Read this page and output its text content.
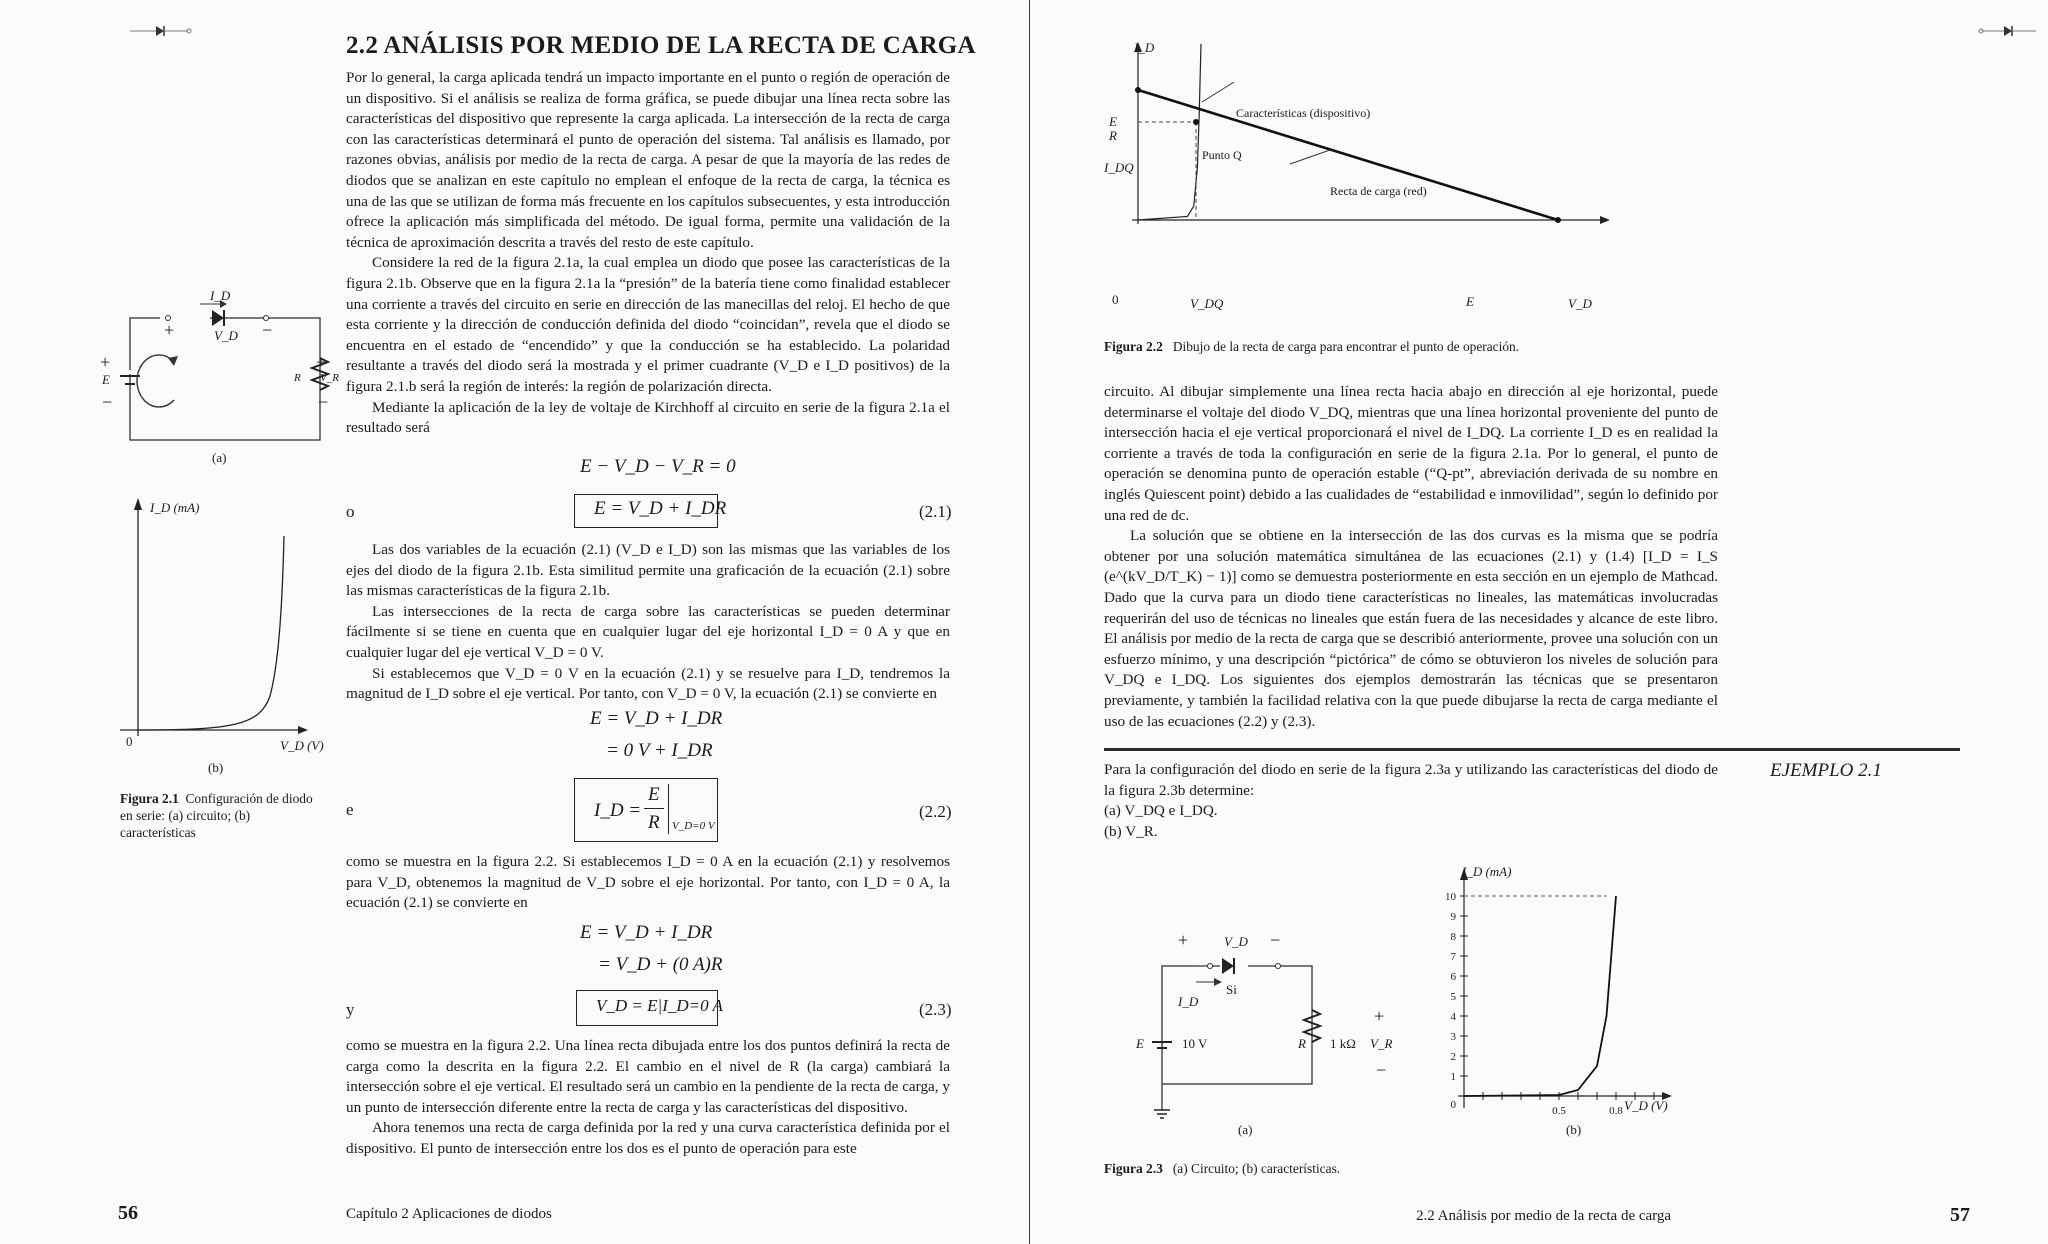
2.2 ANÁLISIS POR MEDIO DE LA RECTA DE CARGA

Por lo general, la carga aplicada tendrá un impacto importante en el punto o región de operación de un dispositivo. Si el análisis se realiza de forma gráfica, se puede dibujar una línea recta sobre las características del dispositivo que represente la carga aplicada. La intersección de la recta de carga con las características determinará el punto de operación del sistema. Tal análisis es llamado, por razones obvias, análisis por medio de la recta de carga. A pesar de que la mayoría de las redes de diodos que se analizan en este capítulo no emplean el enfoque de la recta de carga, la técnica es una de las que se utilizan de forma más frecuente en los capítulos subsecuentes, y esta introducción ofrece la aplicación más simplificada del método. De igual forma, permite una validación de la técnica de aproximación descrita a través del resto de este capítulo.

Considere la red de la figura 2.1a, la cual emplea un diodo que posee las características de la figura 2.1b. Observe que en la figura 2.1a la “presión” de la batería tiene como finalidad establecer una corriente a través del circuito en serie en dirección de las manecillas del reloj. El hecho de que esta corriente y la dirección de conducción definida del diodo “coincidan”, revela que el diodo se encuentra en el estado de “encendido” y que la conducción se ha establecido. La polaridad resultante a través del diodo será la mostrada y el primer cuadrante (V_D e I_D positivos) de la figura 2.1.b será la región de interés: la región de polarización directa.

Mediante la aplicación de la ley de voltaje de Kirchhoff al circuito en serie de la figura 2.1a el resultado será

E − V_D − V_R = 0
o	E = V_D + I_DR	(2.1)

Las dos variables de la ecuación (2.1) (V_D e I_D) son las mismas que las variables de los ejes del diodo de la figura 2.1b. Esta similitud permite una graficación de la ecuación (2.1) sobre las mismas características de la figura 2.1b.

Las intersecciones de la recta de carga sobre las características se pueden determinar fácilmente si se tiene en cuenta que en cualquier lugar del eje horizontal I_D = 0 A y que en cualquier lugar del eje vertical V_D = 0 V.

Si establecemos que V_D = 0 V en la ecuación (2.1) y se resuelve para I_D, tendremos la magnitud de I_D sobre el eje vertical. Por tanto, con V_D = 0 V, la ecuación (2.1) se convierte en

E = V_D + I_DR
= 0 V + I_DR
e	I_D =
E
R V_D=0 V
(2.2)

como se muestra en la figura 2.2. Si establecemos I_D = 0 A en la ecuación (2.1) y resolvemos para V_D, obtenemos la magnitud de V_D sobre el eje horizontal. Por tanto, con I_D = 0 A, la ecuación (2.1) se convierte en

E = V_D + I_DR
= V_D + (0 A)R
y	V_D = E|I_D=0 A	(2.3)

como se muestra en la figura 2.2. Una línea recta dibujada entre los dos puntos definirá la recta de carga como la descrita en la figura 2.2. El cambio en el nivel de R (la carga) cambiará la intersección sobre el eje vertical. El resultado será un cambio en la pendiente de la recta de carga, y un punto de intersección diferente entre la recta de carga y las características del dispositivo.

Ahora tenemos una recta de carga definida por la red y una curva característica definida por el dispositivo. El punto de intersección entre los dos es el punto de operación para este

I_D
+	−
V_D
+
E
−
+
R V_R
−
(a)
I_D (mA)
0	V_D (V)
(b)
Figura 2.1 Configuración de diodo en serie: (a) circuito; (b) características
56	Capítulo 2 Aplicaciones de diodos
I_D
E
R
I_DQ
0	V_DQ	E	V_D
Características (dispositivo)
Punto Q
Recta de carga (red)
Figura 2.2 Dibujo de la recta de carga para encontrar el punto de operación.

circuito. Al dibujar simplemente una línea recta hacia abajo en dirección al eje horizontal, puede determinarse el voltaje del diodo V_DQ, mientras que una línea horizontal proveniente del punto de intersección hacia el eje vertical proporcionará el nivel de I_DQ. La corriente I_D es en realidad la corriente a través de toda la configuración en serie de la figura 2.1a. Por lo general, el punto de operación se denomina punto de operación estable (“Q-pt”, abreviación derivada de su nombre en inglés Quiescent point) debido a las cualidades de “estabilidad e inmovilidad”, según lo definido por una red de dc.

La solución que se obtiene en la intersección de las dos curvas es la misma que se podría obtener por una solución matemática simultánea de las ecuaciones (2.1) y (1.4) [I_D = I_S (e^(kV_D/T_K) − 1)] como se demuestra posteriormente en esta sección en un ejemplo de Mathcad. Dado que la curva para un diodo tiene características no lineales, las matemáticas involucradas requerirán del uso de técnicas no lineales que están fuera de las necesidades y alcance de este libro. El análisis por medio de la recta de carga que se describió anteriormente, provee una solución con un esfuerzo mínimo, y una descripción “pictórica” de cómo se obtuvieron los niveles de solución para V_DQ e I_DQ. Los siguientes dos ejemplos demostrarán las técnicas que se presentaron previamente, y también la facilidad relativa con la que puede dibujarse la recta de carga mediante el uso de las ecuaciones (2.2) y (2.3).

EJEMPLO 2.1

Para la configuración del diodo en serie de la figura 2.3a y utilizando las características del diodo de la figura 2.3b determine:

(a) V_DQ e I_DQ.

(b) V_R.

+	V_D −
Si
I_D
E	10 V	R 1 kΩ V_R
+
−
(a)
10
9
8
7
6
5
4
3
2
1
0.5	0.8
0
I_D (mA)
V_D (V)
(b)
Figura 2.3 (a) Circuito; (b) características.
2.2 Análisis por medio de la recta de carga	57
